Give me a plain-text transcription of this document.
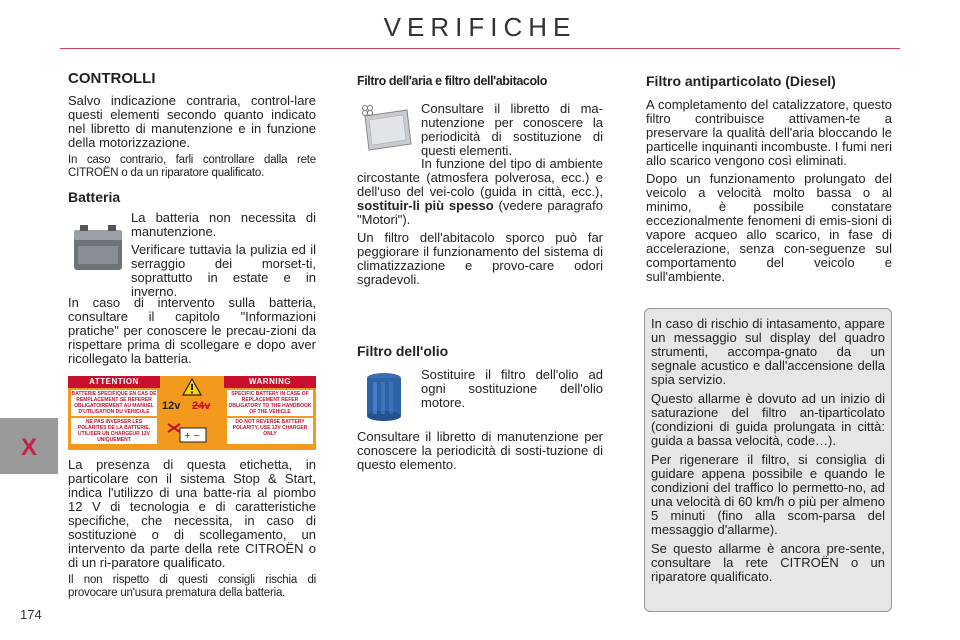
VERIFICHE
X
174
CONTROLLI

Salvo indicazione contraria, control-lare questi elementi secondo quanto indicato nel libretto di manutenzione e in funzione della motorizzazione.

In caso contrario, farli controllare dalla rete CITROËN o da un riparatore qualificato.

Batteria

La batteria non necessita di manutenzione.

Verificare tuttavia la pulizia ed il serraggio dei morset-ti, soprattutto in estate e in inverno.

In caso di intervento sulla batteria, consultare il capitolo "Informazioni pratiche" per conoscere le precau-zioni da rispettare prima di scollegare e dopo aver ricollegato la batteria.

ATTENTION
BATTERIE SPECIFIQUE EN CAS DE REMPLACEMENT SE REFERER OBLIGATOIREMENT AU MANUEL D'UTILISATION DU VEHICULE
NE PAS INVERSER LES POLARITES DE LA BATTERIE, UTILISER UN CHARGEUR 12V UNIQUEMENT
12v 24v
+ −
WARNING
SPECIFIC BATTERY IN CASE OF REPLACEMENT REFER OBLIGATORY TO THE HANDBOOK OF THE VEHICLE
DO NOT REVERSE BATTERY POLARITY, USE 12V CHARGER ONLY

La presenza di questa etichetta, in particolare con il sistema Stop & Start, indica l'utilizzo di una batte-ria al piombo 12 V di tecnologia e di caratteristiche specifiche, che necessita, in caso di sostituzione o di scollegamento, un intervento da parte della rete CITROËN o di un ri-paratore qualificato.

Il non rispetto di questi consigli rischia di provocare un'usura prematura della batteria.

Filtro dell'aria e filtro dell'abitacolo

Consultare il libretto di ma-nutenzione per conoscere la periodicità di sostituzione di questi elementi.

In funzione del tipo di ambiente circostante (atmosfera polverosa, ecc.) e dell'uso del vei-colo (guida in città, ecc.), sostituir-li più spesso (vedere paragrafo "Motori").

Un filtro dell'abitacolo sporco può far peggiorare il funzionamento del sistema di climatizzazione e provo-care odori sgradevoli.

Filtro dell'olio

Sostituire il filtro dell'olio ad ogni sostituzione dell'olio motore.

Consultare il libretto di manutenzione per conoscere la periodicità di sosti-tuzione di questo elemento.

Filtro antiparticolato (Diesel)

A completamento del catalizzatore, questo filtro contribuisce attivamen-te a preservare la qualità dell'aria bloccando le particelle inquinanti incombuste. I fumi neri allo scarico vengono così eliminati.

Dopo un funzionamento prolungato del veicolo a velocità molto bassa o al minimo, è possibile constatare eccezionalmente fenomeni di emis-sioni di vapore acqueo allo scarico, in fase di accelerazione, senza con-seguenze sul comportamento del veicolo e sull'ambiente.

In caso di rischio di intasamento, appare un messaggio sul display del quadro strumenti, accompa-gnato da un segnale acustico e dall'accensione della spia servizio.

Questo allarme è dovuto ad un inizio di saturazione del filtro an-tiparticolato (condizioni di guida prolungata in città: guida a bassa velocità, code…).

Per rigenerare il filtro, si consiglia di guidare appena possibile e quando le condizioni del traffico lo permetto-no, ad una velocità di 60 km/h o più per almeno 5 minuti (fino alla scom-parsa del messaggio d'allarme).

Se questo allarme è ancora pre-sente, consultare la rete CITROËN o un riparatore qualificato.
